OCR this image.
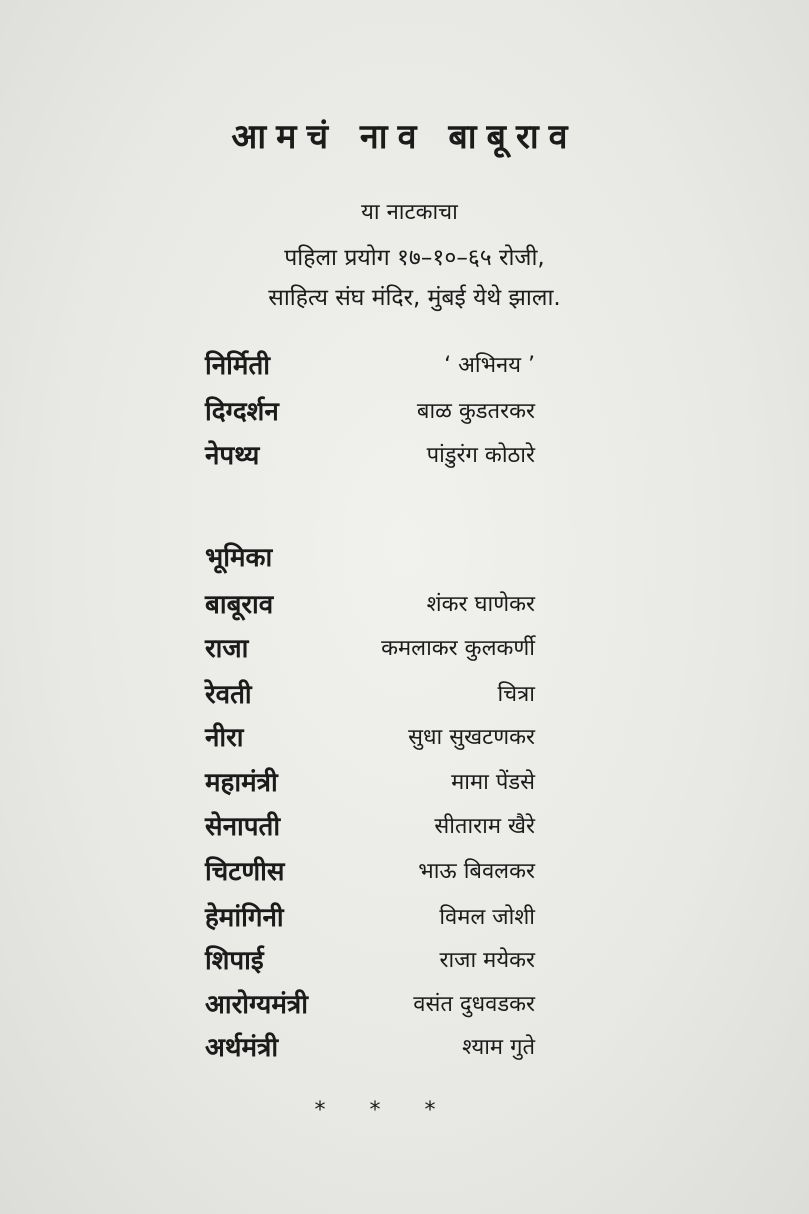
आमचं नाव बाबूराव
या नाटकाचा
पहिला प्रयोग १७–१०–६५ रोजी,
साहित्य संघ मंदिर, मुंबई येथे झाला.
निर्मिती	‘ अभिनय ’
दिग्दर्शन	बाळ कुडतरकर
नेपथ्य	पांडुरंग कोठारे
भूमिका
बाबूराव	शंकर घाणेकर
राजा	कमलाकर कुलकर्णी
रेवती	चित्रा
नीरा	सुधा सुखटणकर
महामंत्री	मामा पेंडसे
सेनापती	सीताराम खैरे
चिटणीस	भाऊ बिवलकर
हेमांगिनी	विमल जोशी
शिपाई	राजा मयेकर
आरोग्यमंत्री	वसंत दुधवडकर
अर्थमंत्री	श्याम गुते
* * *
